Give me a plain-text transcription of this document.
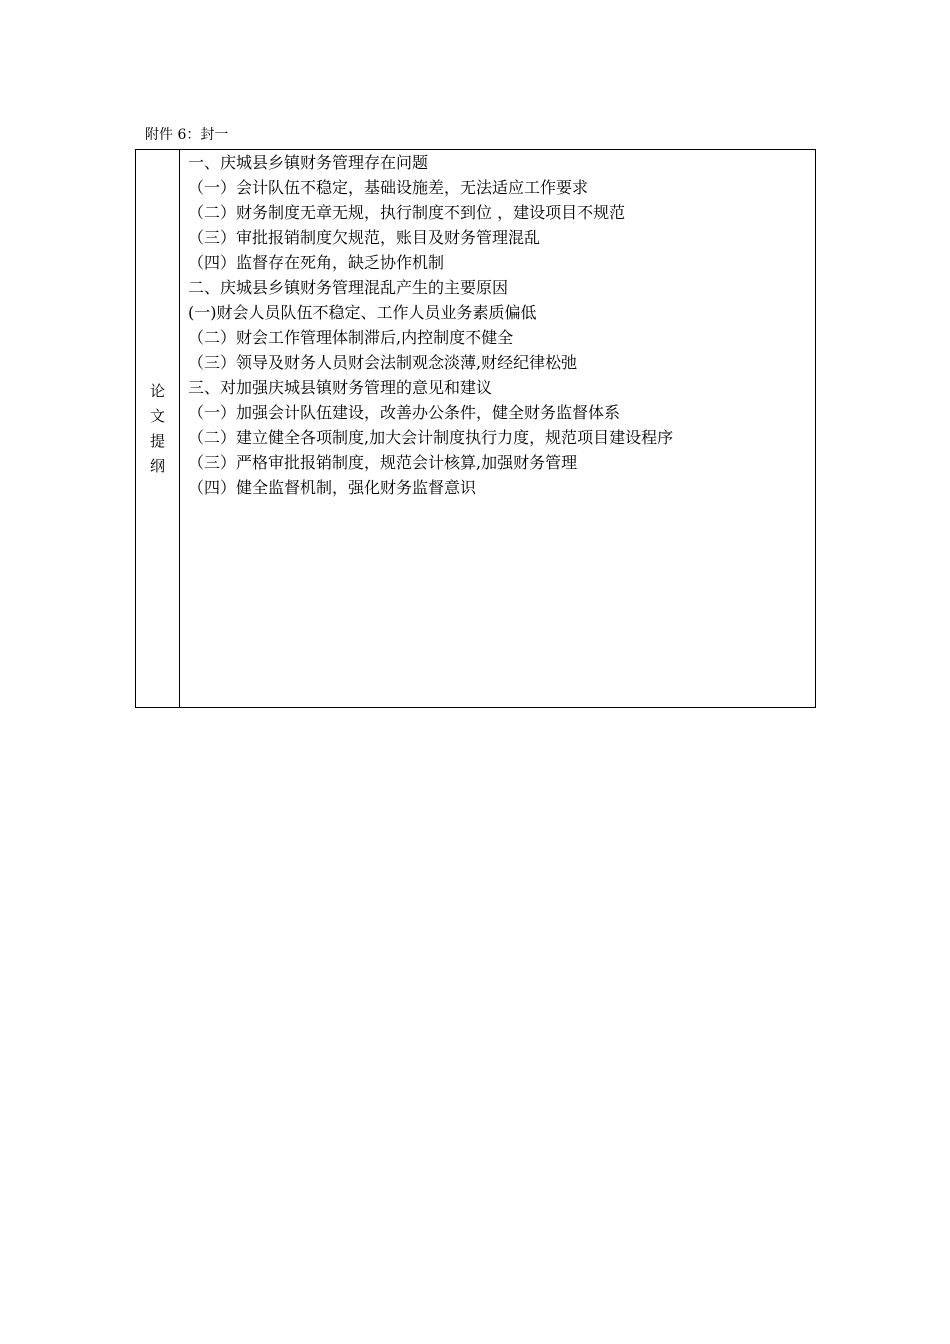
附件 6：封一
论
文
提
纲
一、庆城县乡镇财务管理存在问题
（一）会计队伍不稳定，基础设施差，无法适应工作要求
（二）财务制度无章无规，执行制度不到位 ，建设项目不规范
（三）审批报销制度欠规范，账目及财务管理混乱
（四）监督存在死角，缺乏协作机制
二、庆城县乡镇财务管理混乱产生的主要原因
(一)财会人员队伍不稳定、工作人员业务素质偏低
（二）财会工作管理体制滞后,内控制度不健全
（三）领导及财务人员财会法制观念淡薄,财经纪律松弛
三、对加强庆城县镇财务管理的意见和建议
（一）加强会计队伍建设，改善办公条件，健全财务监督体系
（二）建立健全各项制度,加大会计制度执行力度，规范项目建设程序
（三）严格审批报销制度，规范会计核算,加强财务管理
（四）健全监督机制，强化财务监督意识
